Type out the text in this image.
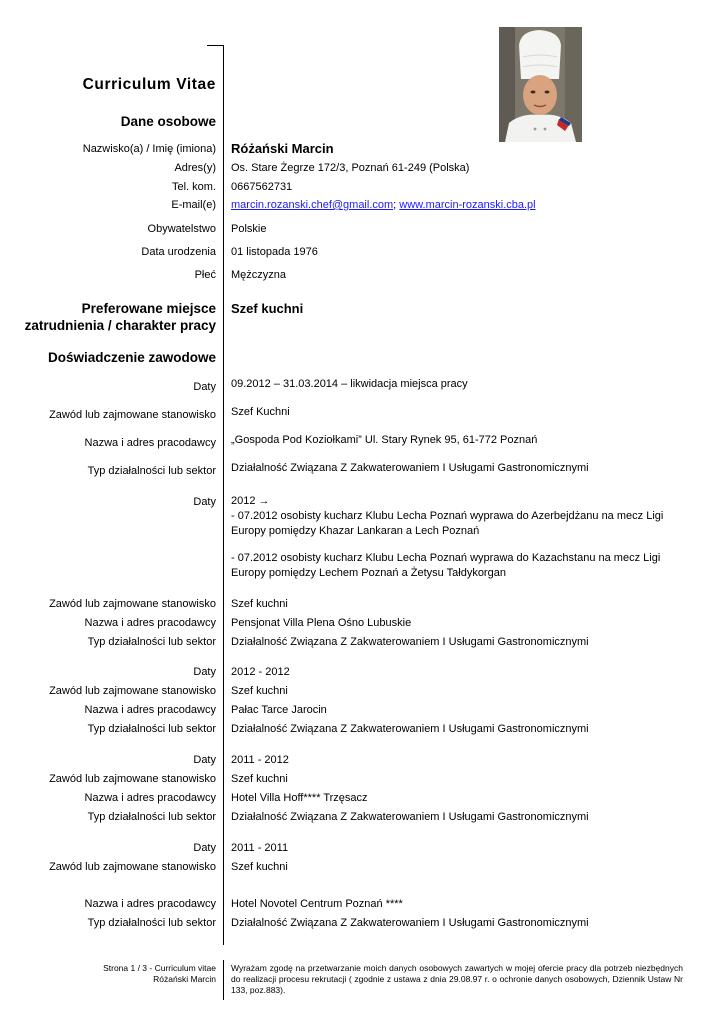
Curriculum Vitae
Dane osobowe
Nazwisko(a) / Imię (imiona) Różański Marcin
Adres(y) Os. Stare Żegrze 172/3, Poznań 61-249 (Polska)
Tel. kom. 0667562731
E-mail(e) marcin.rozanski.chef@gmail.com; www.marcin-rozanski.cba.pl
Obywatelstwo Polskie
Data urodzenia 01 listopada 1976
Płeć Mężczyzna
Preferowane miejsce
zatrudnienia / charakter pracy
Szef kuchni
Doświadczenie zawodowe
Daty 09.2012 – 31.03.2014 – likwidacja miejsca pracy
Zawód lub zajmowane stanowisko Szef Kuchni
Nazwa i adres pracodawcy „Gospoda Pod Koziołkami” Ul. Stary Rynek 95, 61-772 Poznań
Typ działalności lub sektor Działalność Związana Z Zakwaterowaniem I Usługami Gastronomicznymi
Daty 2012 →
- 07.2012 osobisty kucharz Klubu Lecha Poznań wyprawa do Azerbejdżanu na mecz Ligi Europy pomiędzy Khazar Lankaran a Lech Poznań
- 07.2012 osobisty kucharz Klubu Lecha Poznań wyprawa do Kazachstanu na mecz Ligi Europy pomiędzy Lechem Poznań a Żetysu Tałdykorgan
Zawód lub zajmowane stanowisko Szef kuchni
Nazwa i adres pracodawcy Pensjonat Villa Plena Ośno Lubuskie
Typ działalności lub sektor Działalność Związana Z Zakwaterowaniem I Usługami Gastronomicznymi
Daty 2012 - 2012
Zawód lub zajmowane stanowisko Szef kuchni
Nazwa i adres pracodawcy Pałac Tarce Jarocin
Typ działalności lub sektor Działalność Związana Z Zakwaterowaniem I Usługami Gastronomicznymi
Daty 2011 - 2012
Zawód lub zajmowane stanowisko Szef kuchni
Nazwa i adres pracodawcy Hotel Villa Hoff**** Trzęsacz
Typ działalności lub sektor Działalność Związana Z Zakwaterowaniem I Usługami Gastronomicznymi
Daty 2011 - 2011
Zawód lub zajmowane stanowisko Szef kuchni
Nazwa i adres pracodawcy Hotel Novotel Centrum Poznań ****
Typ działalności lub sektor Działalność Związana Z Zakwaterowaniem I Usługami Gastronomicznymi
Strona 1 / 3 - Curriculum vitae
Różański Marcin
Wyrażam zgodę na przetwarzanie moich danych osobowych zawartych w mojej ofercie pracy dla potrzeb niezbędnych do realizacji procesu rekrutacji ( zgodnie z ustawa z dnia 29.08.97 r. o ochronie danych osobowych, Dziennik Ustaw Nr 133, poz.883).
